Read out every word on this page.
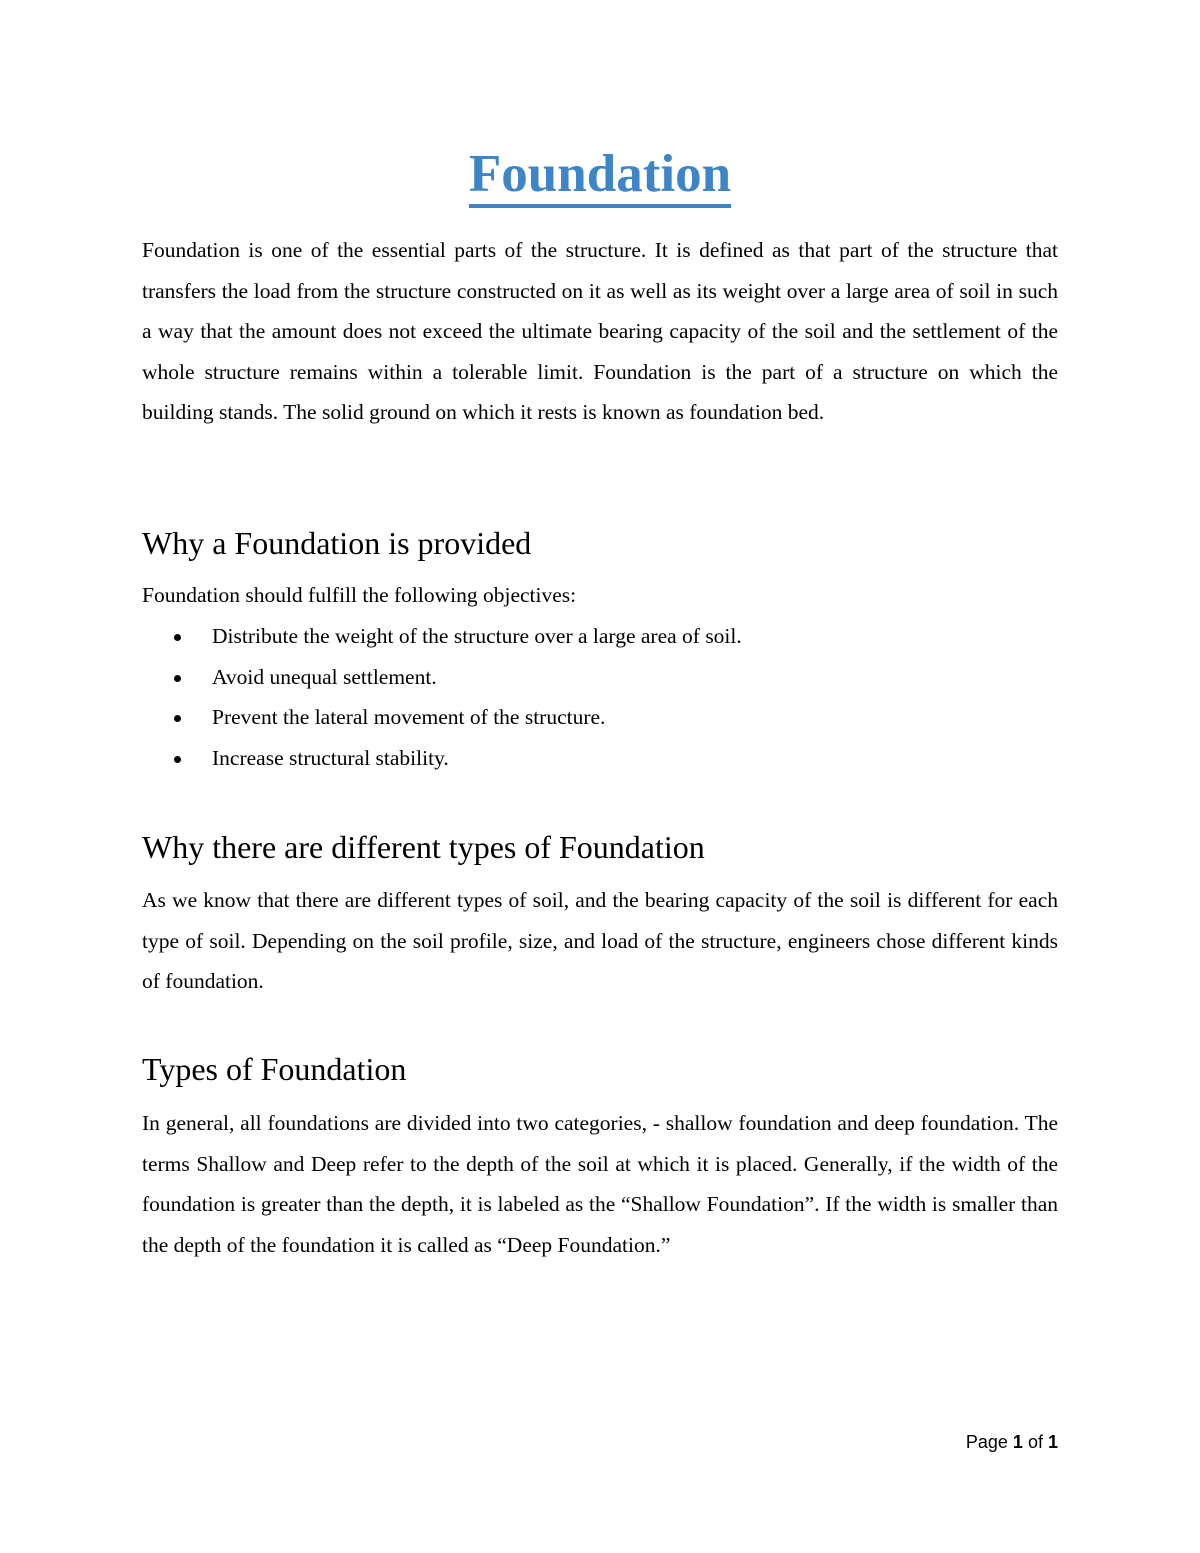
Foundation

Foundation is one of the essential parts of the structure. It is defined as that part of the structure that transfers the load from the structure constructed on it as well as its weight over a large area of soil in such a way that the amount does not exceed the ultimate bearing capacity of the soil and the settlement of the whole structure remains within a tolerable limit. Foundation is the part of a structure on which the building stands. The solid ground on which it rests is known as foundation bed.

Why a Foundation is provided

Foundation should fulfill the following objectives:

Distribute the weight of the structure over a large area of soil.
Avoid unequal settlement.
Prevent the lateral movement of the structure.
Increase structural stability.
Why there are different types of Foundation

As we know that there are different types of soil, and the bearing capacity of the soil is different for each type of soil. Depending on the soil profile, size, and load of the structure, engineers chose different kinds of foundation.

Types of Foundation

In general, all foundations are divided into two categories, - shallow foundation and deep foundation. The terms Shallow and Deep refer to the depth of the soil at which it is placed. Generally, if the width of the foundation is greater than the depth, it is labeled as the “Shallow Foundation”. If the width is smaller than the depth of the foundation it is called as “Deep Foundation.”

Page 1 of 1
